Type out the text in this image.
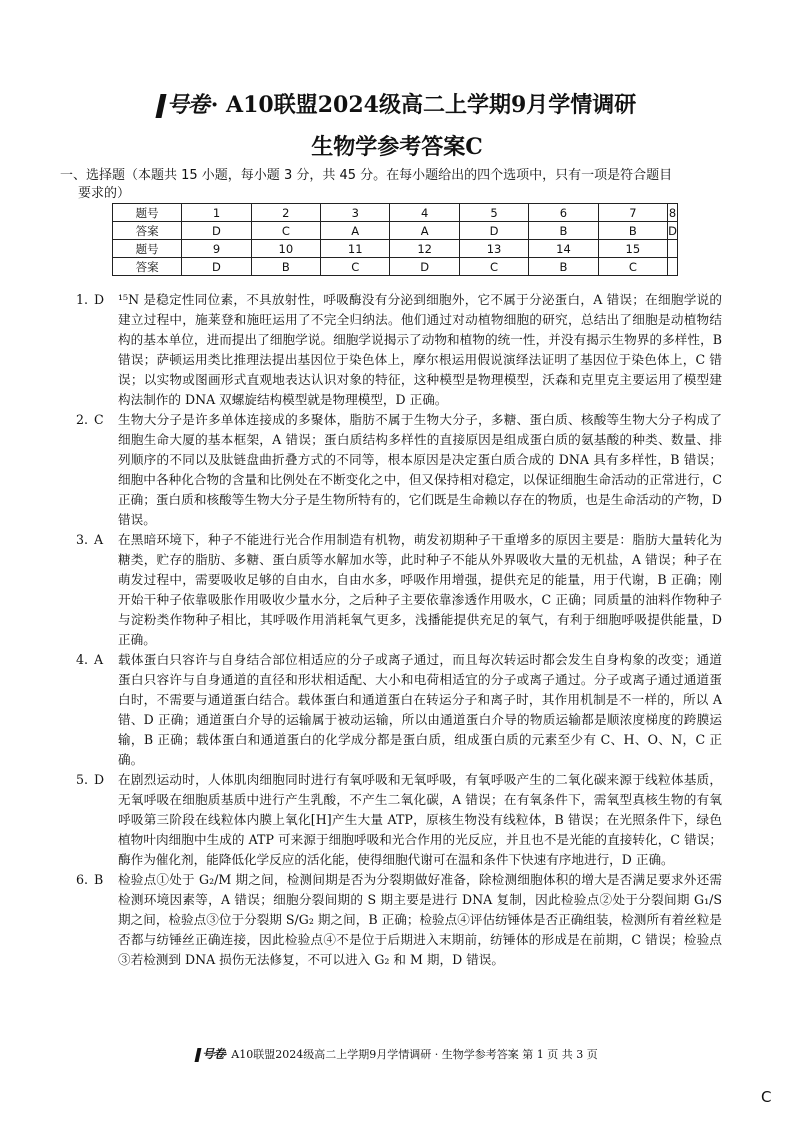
号卷· A10联盟2024级高二上学期9月学情调研
生物学参考答案C
一、选择题（本题共 15 小题，每小题 3 分，共 45 分。在每小题给出的四个选项中，只有一项是符合题目
要求的）
题号	1	2	3	4	5	6	7	8
答案	D	C	A	A	D	B	B	D
题号	9	10	11	12	13	14	15	
答案	D	B	C	D	C	B	C	
1. D ¹⁵N 是稳定性同位素，不具放射性，呼吸酶没有分泌到细胞外，它不属于分泌蛋白，A 错误；在细胞学说的建立过程中，施莱登和施旺运用了不完全归纳法。他们通过对动植物细胞的研究，总结出了细胞是动植物结构的基本单位，进而提出了细胞学说。细胞学说揭示了动物和植物的统一性，并没有揭示生物界的多样性，B 错误；萨顿运用类比推理法提出基因位于染色体上，摩尔根运用假说演绎法证明了基因位于染色体上，C 错误；以实物或图画形式直观地表达认识对象的特征，这种模型是物理模型，沃森和克里克主要运用了模型建构法制作的 DNA 双螺旋结构模型就是物理模型，D 正确。
2. C 生物大分子是许多单体连接成的多聚体，脂肪不属于生物大分子，多糖、蛋白质、核酸等生物大分子构成了细胞生命大厦的基本框架，A 错误；蛋白质结构多样性的直接原因是组成蛋白质的氨基酸的种类、数量、排列顺序的不同以及肽链盘曲折叠方式的不同等，根本原因是决定蛋白质合成的 DNA 具有多样性，B 错误；细胞中各种化合物的含量和比例处在不断变化之中，但又保持相对稳定，以保证细胞生命活动的正常进行，C 正确；蛋白质和核酸等生物大分子是生物所特有的，它们既是生命赖以存在的物质，也是生命活动的产物，D 错误。
3. A 在黑暗环境下，种子不能进行光合作用制造有机物，萌发初期种子干重增多的原因主要是：脂肪大量转化为糖类，贮存的脂肪、多糖、蛋白质等水解加水等，此时种子不能从外界吸收大量的无机盐，A 错误；种子在萌发过程中，需要吸收足够的自由水，自由水多，呼吸作用增强，提供充足的能量，用于代谢，B 正确；刚开始干种子依靠吸胀作用吸收少量水分，之后种子主要依靠渗透作用吸水，C 正确；同质量的油料作物种子与淀粉类作物种子相比，其呼吸作用消耗氧气更多，浅播能提供充足的氧气，有利于细胞呼吸提供能量，D 正确。
4. A 载体蛋白只容许与自身结合部位相适应的分子或离子通过，而且每次转运时都会发生自身构象的改变；通道蛋白只容许与自身通道的直径和形状相适配、大小和电荷相适宜的分子或离子通过。分子或离子通过通道蛋白时，不需要与通道蛋白结合。载体蛋白和通道蛋白在转运分子和离子时，其作用机制是不一样的，所以 A 错、D 正确；通道蛋白介导的运输属于被动运输，所以由通道蛋白介导的物质运输都是顺浓度梯度的跨膜运输，B 正确；载体蛋白和通道蛋白的化学成分都是蛋白质，组成蛋白质的元素至少有 C、H、O、N，C 正确。
5. D 在剧烈运动时，人体肌肉细胞同时进行有氧呼吸和无氧呼吸，有氧呼吸产生的二氧化碳来源于线粒体基质，无氧呼吸在细胞质基质中进行产生乳酸，不产生二氧化碳，A 错误；在有氧条件下，需氧型真核生物的有氧呼吸第三阶段在线粒体内膜上氧化[H]产生大量 ATP，原核生物没有线粒体，B 错误；在光照条件下，绿色植物叶肉细胞中生成的 ATP 可来源于细胞呼吸和光合作用的光反应，并且也不是光能的直接转化，C 错误；酶作为催化剂，能降低化学反应的活化能，使得细胞代谢可在温和条件下快速有序地进行，D 正确。
6. B 检验点①处于 G₂/M 期之间，检测间期是否为分裂期做好准备，除检测细胞体积的增大是否满足要求外还需检测环境因素等，A 错误；细胞分裂间期的 S 期主要是进行 DNA 复制，因此检验点②处于分裂间期 G₁/S 期之间，检验点③位于分裂期 S/G₂ 期之间，B 正确；检验点④评估纺锤体是否正确组装，检测所有着丝粒是否都与纺锤丝正确连接，因此检验点④不是位于后期进入末期前，纺锤体的形成是在前期，C 错误；检验点③若检测到 DNA 损伤无法修复，不可以进入 G₂ 和 M 期，D 错误。
号卷· A10联盟2024级高二上学期9月学情调研 · 生物学参考答案 第 1 页 共 3 页
C
